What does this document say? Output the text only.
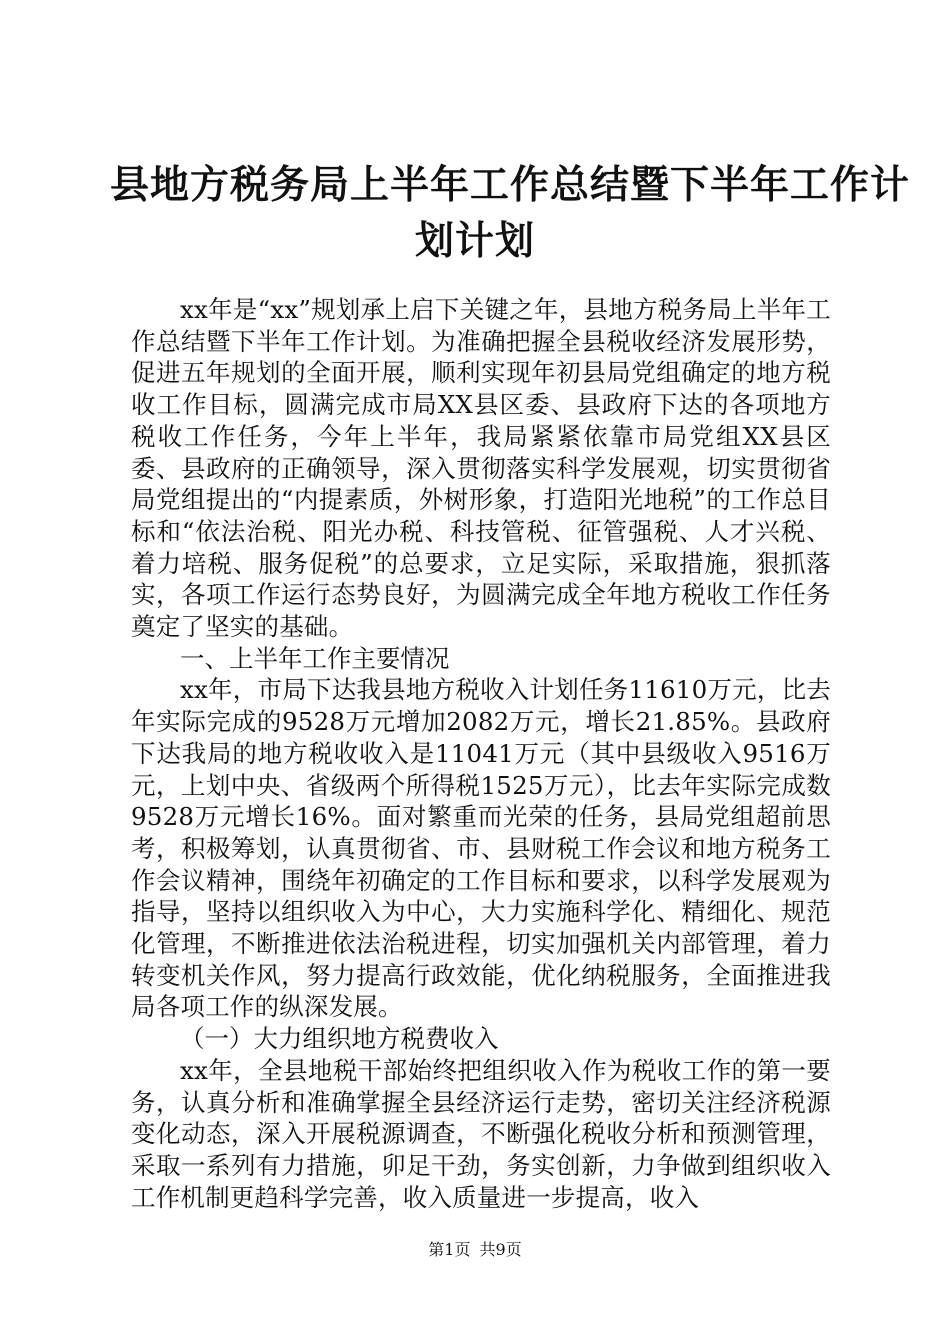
县地方税务局上半年工作总结暨下半年工作计
划计划

xx年是“xx”规划承上启下关键之年，县地方税务局上半年工作总结暨下半年工作计划。为准确把握全县税收经济发展形势，促进五年规划的全面开展，顺利实现年初县局党组确定的地方税收工作目标，圆满完成市局XX县区委、县政府下达的各项地方税收工作任务，今年上半年，我局紧紧依靠市局党组XX县区委、县政府的正确领导，深入贯彻落实科学发展观，切实贯彻省局党组提出的“内提素质，外树形象，打造阳光地税”的工作总目标和“依法治税、阳光办税、科技管税、征管强税、人才兴税、着力培税、服务促税”的总要求，立足实际，采取措施，狠抓落实，各项工作运行态势良好，为圆满完成全年地方税收工作任务奠定了坚实的基础。

一、上半年工作主要情况

xx年，市局下达我县地方税收入计划任务11610万元，比去年实际完成的9528万元增加2082万元，增长21.85%。县政府下达我局的地方税收收入是11041万元（其中县级收入9516万元，上划中央、省级两个所得税1525万元），比去年实际完成数9528万元增长16%。面对繁重而光荣的任务，县局党组超前思考，积极筹划，认真贯彻省、市、县财税工作会议和地方税务工作会议精神，围绕年初确定的工作目标和要求，以科学发展观为指导，坚持以组织收入为中心，大力实施科学化、精细化、规范化管理，不断推进依法治税进程，切实加强机关内部管理，着力转变机关作风，努力提高行政效能，优化纳税服务，全面推进我局各项工作的纵深发展。

（一）大力组织地方税费收入

xx年，全县地税干部始终把组织收入作为税收工作的第一要务，认真分析和准确掌握全县经济运行走势，密切关注经济税源变化动态，深入开展税源调查，不断强化税收分析和预测管理，采取一系列有力措施，卯足干劲，务实创新，力争做到组织收入工作机制更趋科学完善，收入质量进一步提高，收入

第1页 共9页
